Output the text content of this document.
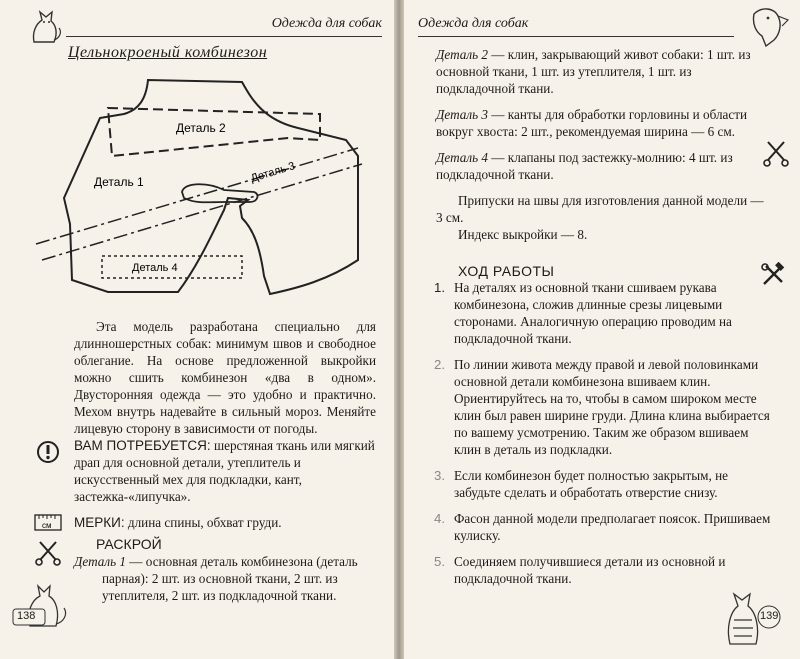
Одежда для собак
Цельнокроеный комбинезон
Деталь 2
Деталь 1	Деталь 3
Деталь 4
Эта модель разработана специально для длинношерстных собак: минимум швов и свободное облегание. На основе предложенной выкройки можно сшить комбинезон «два в одном». Двусторонняя одежда — это удобно и практично. Мехом внутрь надевайте в сильный мороз. Меняйте лицевую сторону в зависимости от погоды.
ВАМ ПОТРЕБУЕТСЯ: шерстяная ткань или мягкий драп для основной детали, утеплитель и искусственный мех для подкладки, кант, застежка-«липучка».
см МЕРКИ: длина спины, обхват груди.
РАСКРОЙ
Деталь 1 — основная деталь комбинезона (деталь парная): 2 шт. из основной ткани, 2 шт. из утеплителя, 2 шт. из подкладочной ткани.
138
Одежда для собак
Деталь 2 — клин, закрывающий живот собаки: 1 шт. из основной ткани, 1 шт. из утеплителя, 1 шт. из подкладочной ткани.
Деталь 3 — канты для обработки горловины и области вокруг хвоста: 2 шт., рекомендуемая ширина — 6 см.
Деталь 4 — клапаны под застежку-молнию: 4 шт. из подкладочной ткани.
Припуски на швы для изготовления данной модели — 3 см.
Индекс выкройки — 8.
ХОД РАБОТЫ
1. На деталях из основной ткани сшиваем рукава комбинезона, сложив длинные срезы лицевыми сторонами. Аналогичную операцию проводим на подкладочной ткани.
2. По линии живота между правой и левой половинками основной детали комбинезона вшиваем клин. Ориентируйтесь на то, чтобы в самом широком месте клин был равен ширине груди. Длина клина выбирается по вашему усмотрению. Таким же образом вшиваем клин в деталь из подкладки.
3. Если комбинезон будет полностью закрытым, не забудьте сделать и обработать отверстие снизу.
4. Фасон данной модели предполагает поясок. Пришиваем кулиску.
5. Соединяем получившиеся детали из основной и подкладочной ткани.
139
